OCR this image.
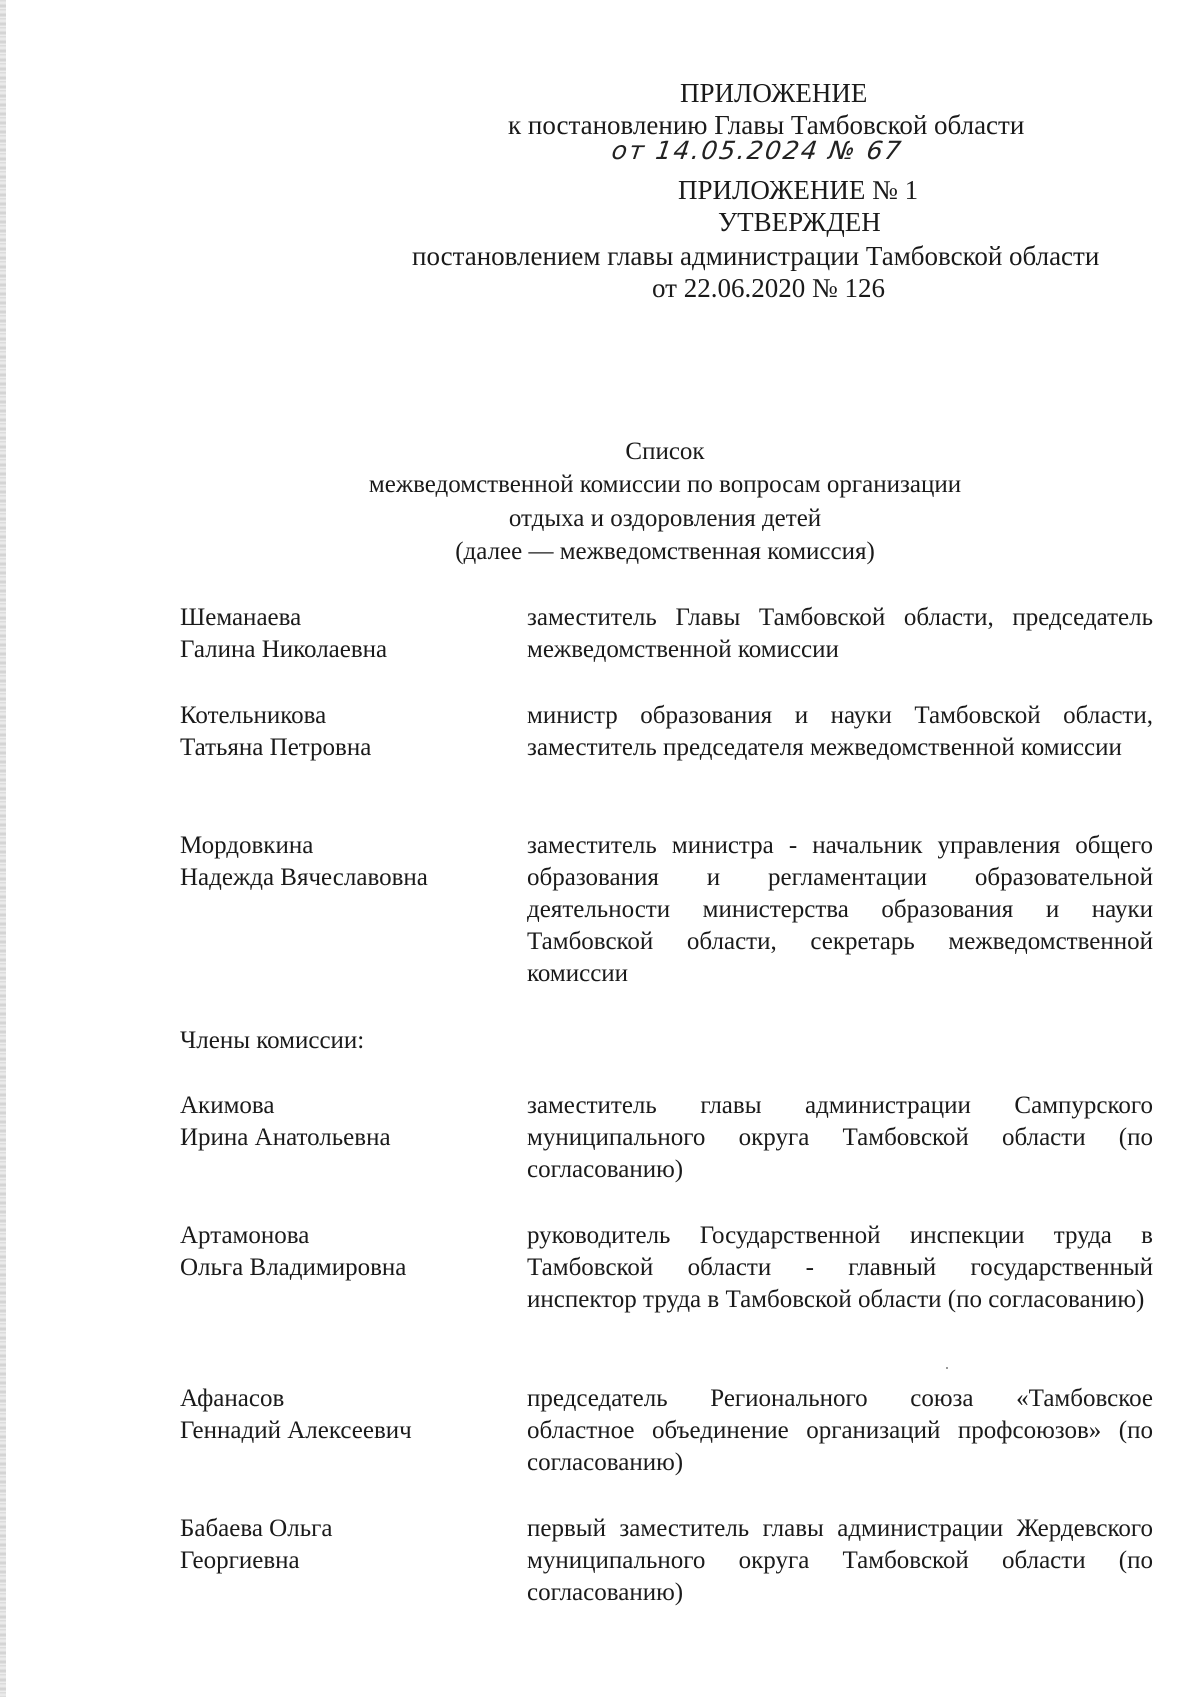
ПРИЛОЖЕНИЕ
к постановлению Главы Тамбовской области
от 14.05.2024 № 67
ПРИЛОЖЕНИЕ № 1
УТВЕРЖДЕН
постановлением главы администрации Тамбовской области
от 22.06.2020 № 126
Список
межведомственной комиссии по вопросам организации
отдыха и оздоровления детей
(далее — межведомственная комиссия)
Шеманаева
Галина Николаевна
заместитель Главы Тамбовской области, председатель межведомственной комиссии
Котельникова
Татьяна Петровна
министр образования и науки Тамбовской области, заместитель председателя межведомственной комиссии
Мордовкина
Надежда Вячеславовна
заместитель министра - начальник управления общего образования и регламентации образовательной деятельности министерства образования и науки Тамбовской области, секретарь межведомственной комиссии
Члены комиссии:
Акимова
Ирина Анатольевна
заместитель главы администрации Сампурского муниципального округа Тамбовской области (по согласованию)
Артамонова
Ольга Владимировна
руководитель Государственной инспекции труда в Тамбовской области - главный государственный инспектор труда в Тамбовской области (по согласованию)
Афанасов
Геннадий Алексеевич
председатель Регионального союза «Тамбовское областное объединение организаций профсоюзов» (по согласованию)
Бабаева Ольга
Георгиевна
первый заместитель главы администрации Жердевского муниципального округа Тамбовской области (по согласованию)
